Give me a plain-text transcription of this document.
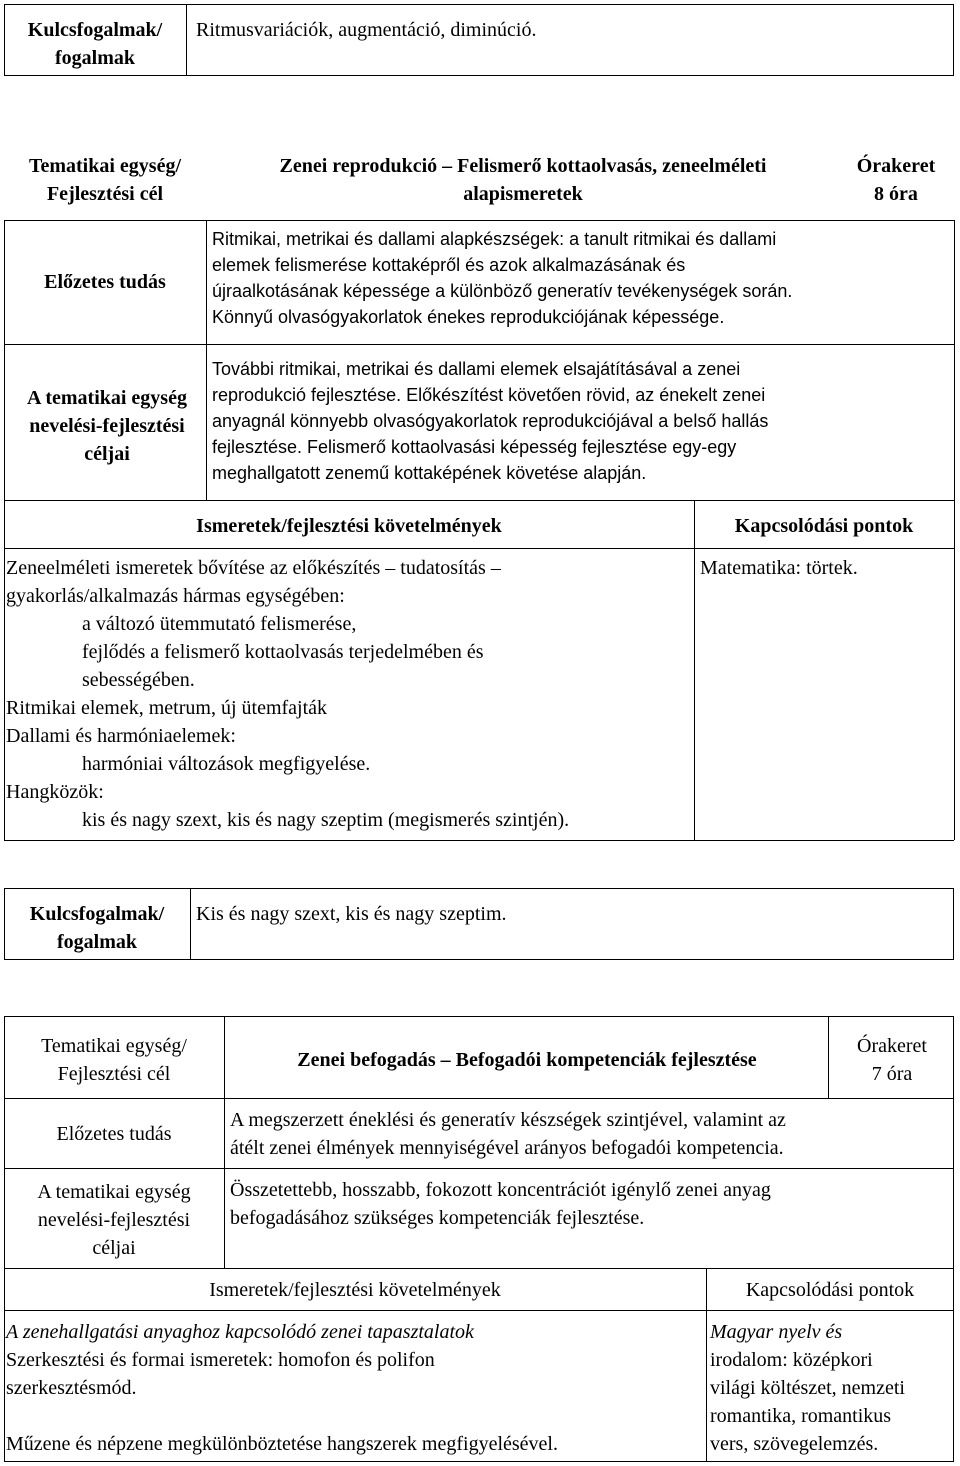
Kulcsfogalmak/

fogalmak

Ritmusvariációk, augmentáció, diminúció.

Tematikai egység/

Fejlesztési cél

Zenei reprodukció – Felismerő kottaolvasás, zeneelméleti

alapismeretek

Órakeret

8 óra

Előzetes tudás

Ritmikai, metrikai és dallami alapkészségek: a tanult ritmikai és dallami

elemek felismerése kottaképről és azok alkalmazásának és

újraalkotásának képessége a különböző generatív tevékenységek során.

Könnyű olvasógyakorlatok énekes reprodukciójának képessége.

A tematikai egység

nevelési-fejlesztési

céljai

További ritmikai, metrikai és dallami elemek elsajátításával a zenei

reprodukció fejlesztése. Előkészítést követően rövid, az énekelt zenei

anyagnál könnyebb olvasógyakorlatok reprodukciójával a belső hallás

fejlesztése. Felismerő kottaolvasási képesség fejlesztése egy-egy

meghallgatott zenemű kottaképének követése alapján.

Ismeretek/fejlesztési követelmények	Kapcsolódási pontok

Zeneelméleti ismeretek bővítése az előkészítés – tudatosítás –

gyakorlás/alkalmazás hármas egységében:

a változó ütemmutató felismerése,

fejlődés a felismerő kottaolvasás terjedelmében és

sebességében.

Ritmikai elemek, metrum, új ütemfajták

Dallami és harmóniaelemek:

harmóniai változások megfigyelése.

Hangközök:

kis és nagy szext, kis és nagy szeptim (megismerés szintjén).

Matematika: törtek.

Kulcsfogalmak/

fogalmak

Kis és nagy szext, kis és nagy szeptim.

Tematikai egység/

Fejlesztési cél

Zenei befogadás – Befogadói kompetenciák fejlesztése

Órakeret

7 óra

Előzetes tudás

A megszerzett éneklési és generatív készségek szintjével, valamint az

átélt zenei élmények mennyiségével arányos befogadói kompetencia.

A tematikai egység

nevelési-fejlesztési

céljai

Összetettebb, hosszabb, fokozott koncentrációt igénylő zenei anyag

befogadásához szükséges kompetenciák fejlesztése.

Ismeretek/fejlesztési követelmények	Kapcsolódási pontok

A zenehallgatási anyaghoz kapcsolódó zenei tapasztalatok

Szerkesztési és formai ismeretek: homofon és polifon

szerkesztésmód.

Műzene és népzene megkülönböztetése hangszerek megfigyelésével.

Magyar nyelv és

irodalom: középkori

világi költészet, nemzeti

romantika, romantikus

vers, szövegelemzés.
